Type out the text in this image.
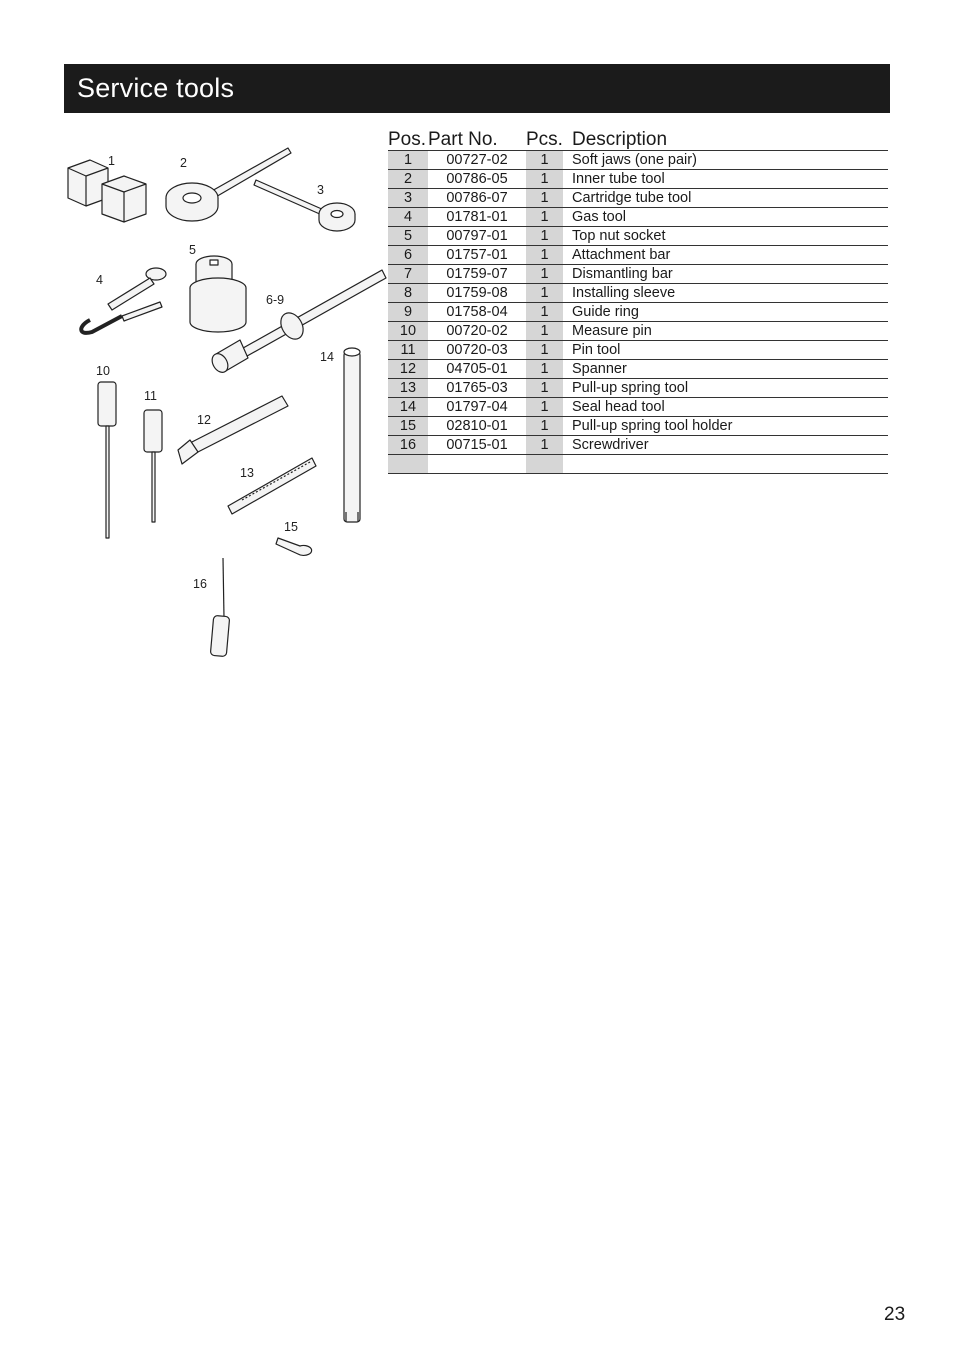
Service tools
1	2
3
4
5
6-9
10
11
12
13
14
15
16
Pos.	Part No.	Pcs.	Description
1	00727-02	1	Soft jaws (one pair)
2	00786-05	1	Inner tube tool
3	00786-07	1	Cartridge tube tool
4	01781-01	1	Gas tool
5	00797-01	1	Top nut socket
6	01757-01	1	Attachment bar
7	01759-07	1	Dismantling bar
8	01759-08	1	Installing sleeve
9	01758-04	1	Guide ring
10	00720-02	1	Measure pin
11	00720-03	1	Pin tool
12	04705-01	1	Spanner
13	01765-03	1	Pull-up spring tool
14	01797-04	1	Seal head tool
15	02810-01	1	Pull-up spring tool holder
16	00715-01	1	Screwdriver

23
